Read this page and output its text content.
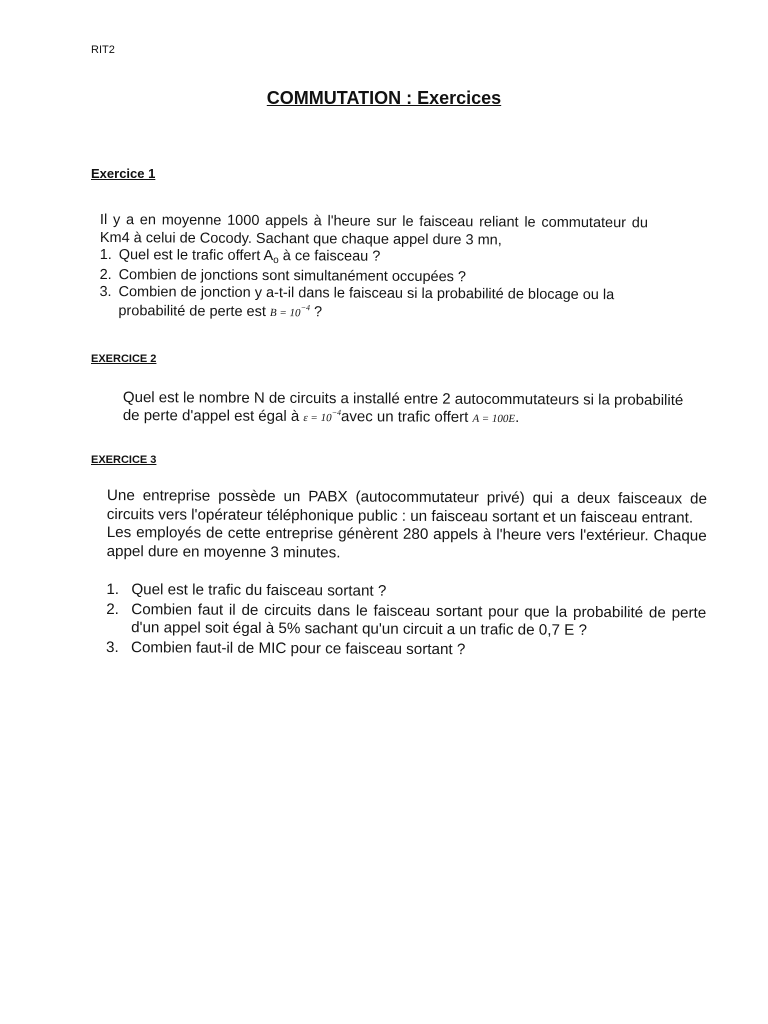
RIT2
COMMUTATION : Exercices
Exercice 1

Il y a en moyenne 1000 appels à l'heure sur le faisceau reliant le commutateur du Km4 à celui de Cocody. Sachant que chaque appel dure 3 mn,

1. Quel est le trafic offert $A_o$ à ce faisceau ?
2. Combien de jonctions sont simultanément occupées ?
3. Combien de jonction y a-t-il dans le faisceau si la probabilité de blocage ou la probabilité de perte est $B = 10^{-4}$ ?
EXERCICE 2

Quel est le nombre N de circuits a installé entre 2 autocommutateurs si la probabilité de perte d'appel est égal à $\varepsilon = 10^{-4}avec$ un trafic offert A = 100E.

EXERCICE 3

Une entreprise possède un PABX (autocommutateur privé) qui a deux faisceaux de circuits vers l'opérateur téléphonique public : un faisceau sortant et un faisceau entrant.

Les employés de cette entreprise génèrent 280 appels à l'heure vers l'extérieur. Chaque appel dure en moyenne 3 minutes.

1. Quel est le trafic du faisceau sortant ?
2. Combien faut il de circuits dans le faisceau sortant pour que la probabilité de perte d'un appel soit égal à 5% sachant qu'un circuit a un trafic de 0,7 E ?
3. Combien faut-il de MIC pour ce faisceau sortant ?
